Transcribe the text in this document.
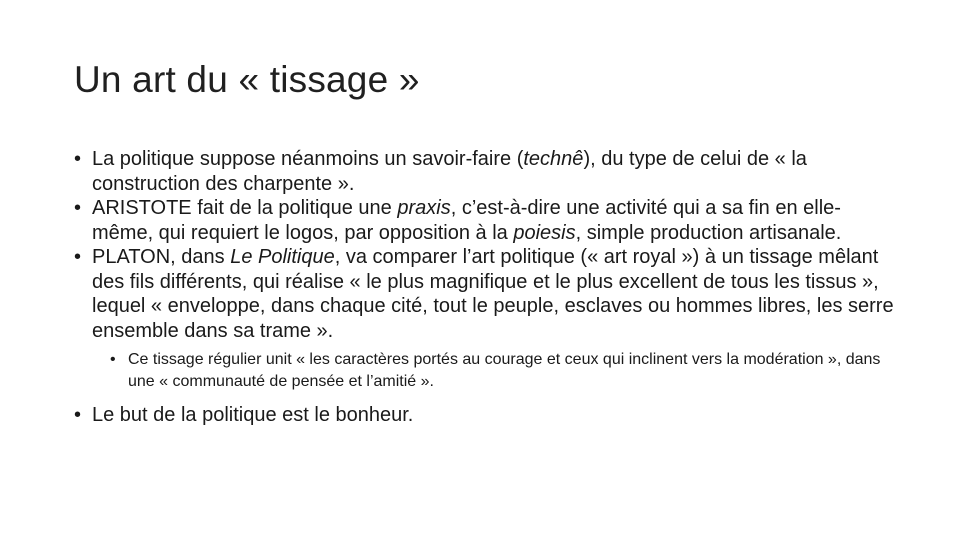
Un art du « tissage »
• La politique suppose néanmoins un savoir-faire (technê), du type de celui de « la construction des charpente ».
• ARISTOTE fait de la politique une praxis, c’est-à-dire une activité qui a sa fin en elle-même, qui requiert le logos, par opposition à la poiesis, simple production artisanale.
• PLATON, dans Le Politique, va comparer l’art politique (« art royal ») à un tissage mêlant des fils différents, qui réalise « le plus magnifique et le plus excellent de tous les tissus », lequel « enveloppe, dans chaque cité, tout le peuple, esclaves ou hommes libres, les serre ensemble dans sa trame ».
• Ce tissage régulier unit « les caractères portés au courage et ceux qui inclinent vers la modération », dans une « communauté de pensée et l’amitié ».
• Le but de la politique est le bonheur.
